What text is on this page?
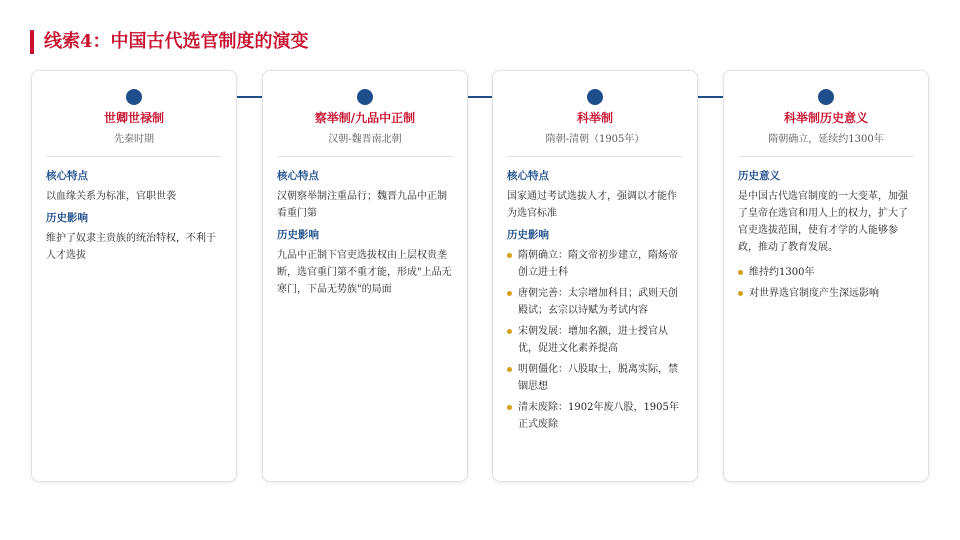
线索4：中国古代选官制度的演变
世卿世禄制
先秦时期
核心特点
以血缘关系为标准，官职世袭
历史影响
维护了奴隶主贵族的统治特权，不利于人才选拔
察举制/九品中正制
汉朝-魏晋南北朝
核心特点
汉朝察举制注重品行；魏晋九品中正制看重门第
历史影响
九品中正制下官吏选拔权由上层权贵垄断，选官重门第不重才能，形成"上品无寒门，下品无势族"的局面
科举制
隋朝-清朝（1905年）
核心特点
国家通过考试选拔人才，强调以才能作为选官标准
历史影响
隋朝确立：隋文帝初步建立，隋炀帝创立进士科
唐朝完善：太宗增加科目；武则天创殿试；玄宗以诗赋为考试内容
宋朝发展：增加名额，进士授官从优，促进文化素养提高
明朝僵化：八股取士，脱离实际，禁锢思想
清末废除：1902年废八股，1905年正式废除
科举制历史意义
隋朝确立，延续约1300年
历史意义
是中国古代选官制度的一大变革，加强了皇帝在选官和用人上的权力，扩大了官吏选拔范围，使有才学的人能够参政，推动了教育发展。
维持约1300年
对世界选官制度产生深远影响
